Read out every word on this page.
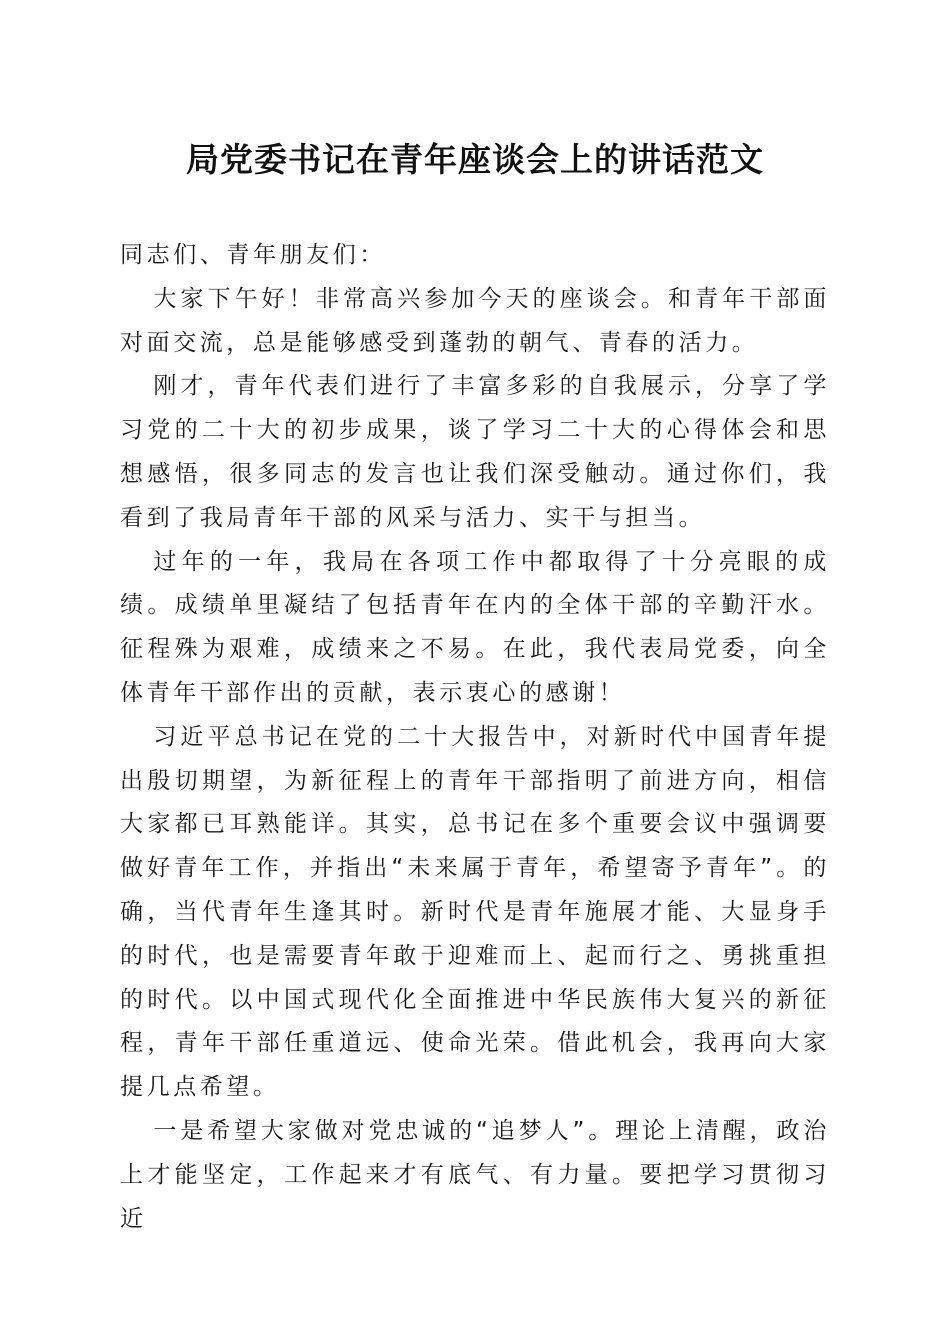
局党委书记在青年座谈会上的讲话范文

同志们、青年朋友们：

大家下午好！非常高兴参加今天的座谈会。和青年干部面对面交流，总是能够感受到蓬勃的朝气、青春的活力。

刚才，青年代表们进行了丰富多彩的自我展示，分享了学习党的二十大的初步成果，谈了学习二十大的心得体会和思想感悟，很多同志的发言也让我们深受触动。通过你们，我看到了我局青年干部的风采与活力、实干与担当。

过年的一年，我局在各项工作中都取得了十分亮眼的成绩。成绩单里凝结了包括青年在内的全体干部的辛勤汗水。征程殊为艰难，成绩来之不易。在此，我代表局党委，向全体青年干部作出的贡献，表示衷心的感谢！

习近平总书记在党的二十大报告中，对新时代中国青年提出殷切期望，为新征程上的青年干部指明了前进方向，相信大家都已耳熟能详。其实，总书记在多个重要会议中强调要做好青年工作，并指出“未来属于青年，希望寄予青年”。的确，当代青年生逢其时。新时代是青年施展才能、大显身手的时代，也是需要青年敢于迎难而上、起而行之、勇挑重担的时代。以中国式现代化全面推进中华民族伟大复兴的新征程，青年干部任重道远、使命光荣。借此机会，我再向大家提几点希望。

一是希望大家做对党忠诚的“追梦人”。理论上清醒，政治上才能坚定，工作起来才有底气、有力量。要把学习贯彻习近
